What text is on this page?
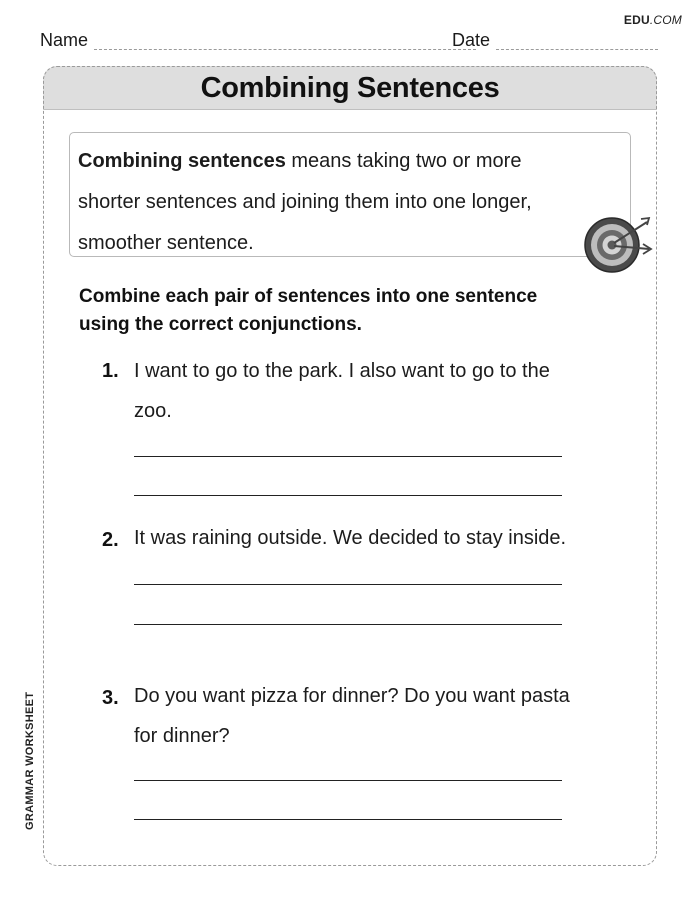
EDU.COM
Name	Date
Combining Sentences

Combining sentences means taking two or more

shorter sentences and joining them into one longer,

smoother sentence.

Combine each pair of sentences into one sentence
using the correct conjunctions.
1. I want to go to the park. I also want to go to the
zoo.
2. It was raining outside. We decided to stay inside.
3. Do you want pizza for dinner? Do you want pasta
for dinner?
GRAMMAR WORKSHEET
